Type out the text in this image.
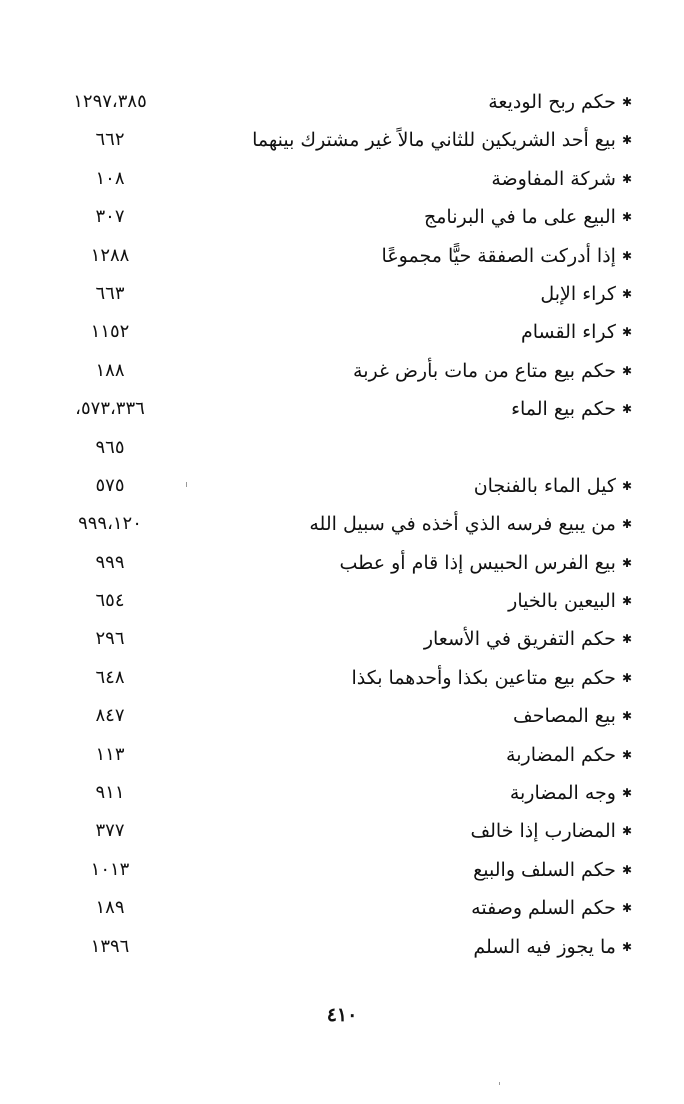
✱حكم ربح الوديعة
١٢٩٧،٣٨٥
✱بيع أحد الشريكين للثاني مالاً غير مشترك بينهما
٦٦٢
✱شركة المفاوضة
١٠٨
✱البيع على ما في البرنامج
٣٠٧
✱إذا أدركت الصفقة حيًّا مجموعًا
١٢٨٨
✱كراء الإبل
٦٦٣
✱كراء القسام
١١٥٢
✱حكم بيع متاع من مات بأرض غربة
١٨٨
✱حكم بيع الماء
٥٧٣،٣٣٦،
٩٦٥
✱كيل الماء بالفنجان
٥٧٥
✱من يبيع فرسه الذي أخذه في سبيل الله
٩٩٩،١٢٠
✱بيع الفرس الحبيس إذا قام أو عطب
٩٩٩
✱البيعين بالخيار
٦٥٤
✱حكم التفريق في الأسعار
٢٩٦
✱حكم بيع متاعين بكذا وأحدهما بكذا
٦٤٨
✱بيع المصاحف
٨٤٧
✱حكم المضاربة
١١٣
✱وجه المضاربة
٩١١
✱المضارب إذا خالف
٣٧٧
✱حكم السلف والبيع
١٠١٣
✱حكم السلم وصفته
١٨٩
✱ما يجوز فيه السلم
١٣٩٦
٤١٠
